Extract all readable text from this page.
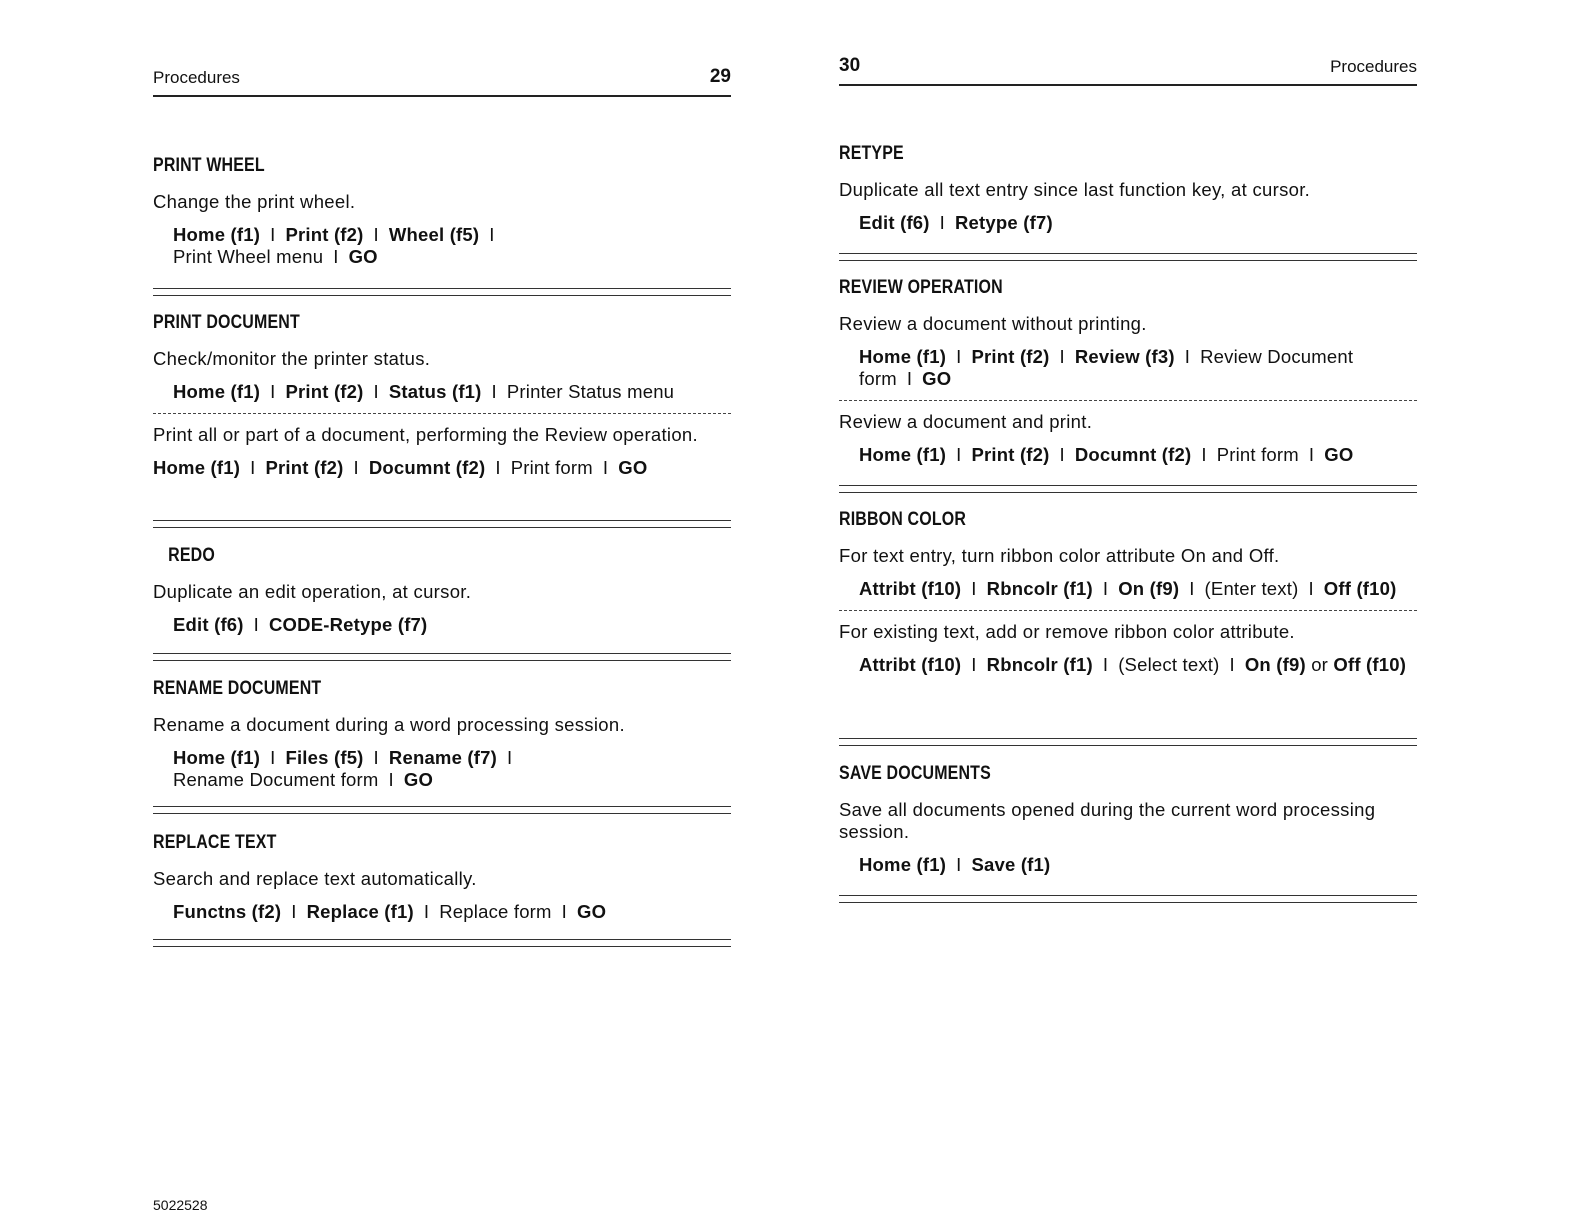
Procedures	29
PRINT WHEEL
Change the print wheel.
Home (f1) I Print (f2) I Wheel (f5) I
Print Wheel menu I GO
PRINT DOCUMENT
Check/monitor the printer status.
Home (f1) I Print (f2) I Status (f1) I Printer Status menu
Print all or part of a document, performing the Review operation.
Home (f1) I Print (f2) I Documnt (f2) I Print form I GO
REDO
Duplicate an edit operation, at cursor.
Edit (f6) I CODE-Retype (f7)
RENAME DOCUMENT
Rename a document during a word processing session.
Home (f1) I Files (f5) I Rename (f7) I
Rename Document form I GO
REPLACE TEXT
Search and replace text automatically.
Functns (f2) I Replace (f1) I Replace form I GO
30	Procedures
RETYPE
Duplicate all text entry since last function key, at cursor.
Edit (f6) I Retype (f7)
REVIEW OPERATION
Review a document without printing.
Home (f1) I Print (f2) I Review (f3) I Review Document form I GO
Review a document and print.
Home (f1) I Print (f2) I Documnt (f2) I Print form I GO
RIBBON COLOR
For text entry, turn ribbon color attribute On and Off.
Attribt (f10) I Rbncolr (f1) I On (f9) I (Enter text) I Off (f10)
For existing text, add or remove ribbon color attribute.
Attribt (f10) I Rbncolr (f1) I (Select text) I On (f9) or Off (f10)
SAVE DOCUMENTS
Save all documents opened during the current word processing session.
Home (f1) I Save (f1)
5022528
